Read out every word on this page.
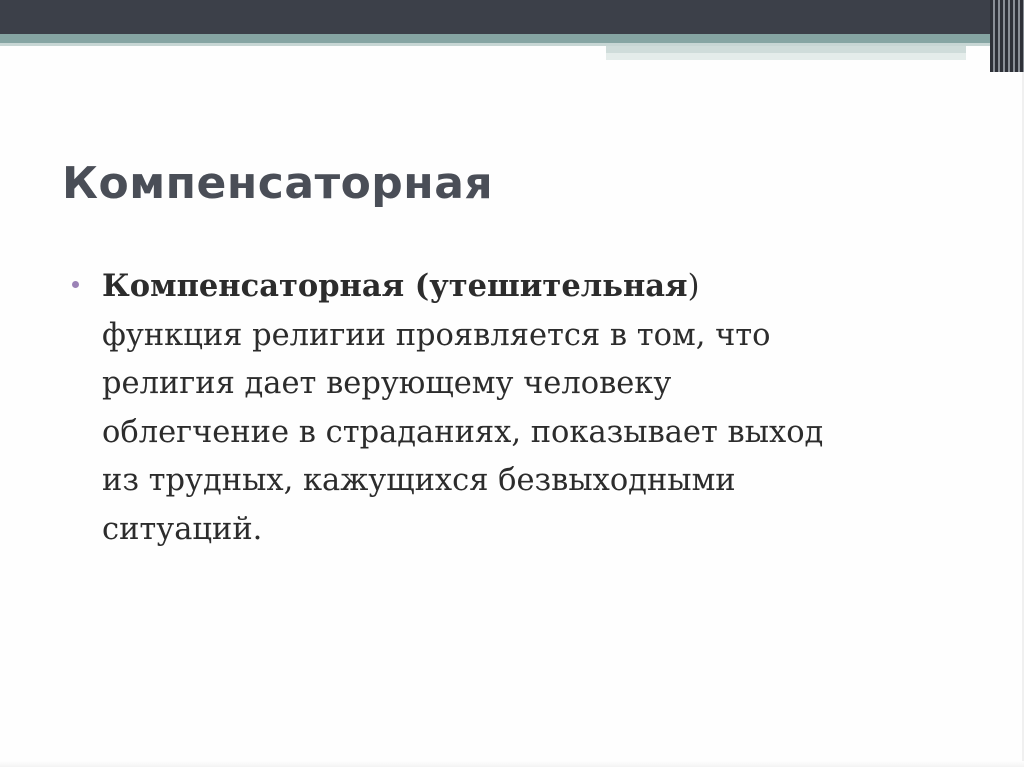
Компенсаторная

Компенсаторная (утешительная)
функция религии проявляется в том, что
религия дает верующему человеку
облегчение в страданиях, показывает выход
из трудных, кажущихся безвыходными
ситуаций.
